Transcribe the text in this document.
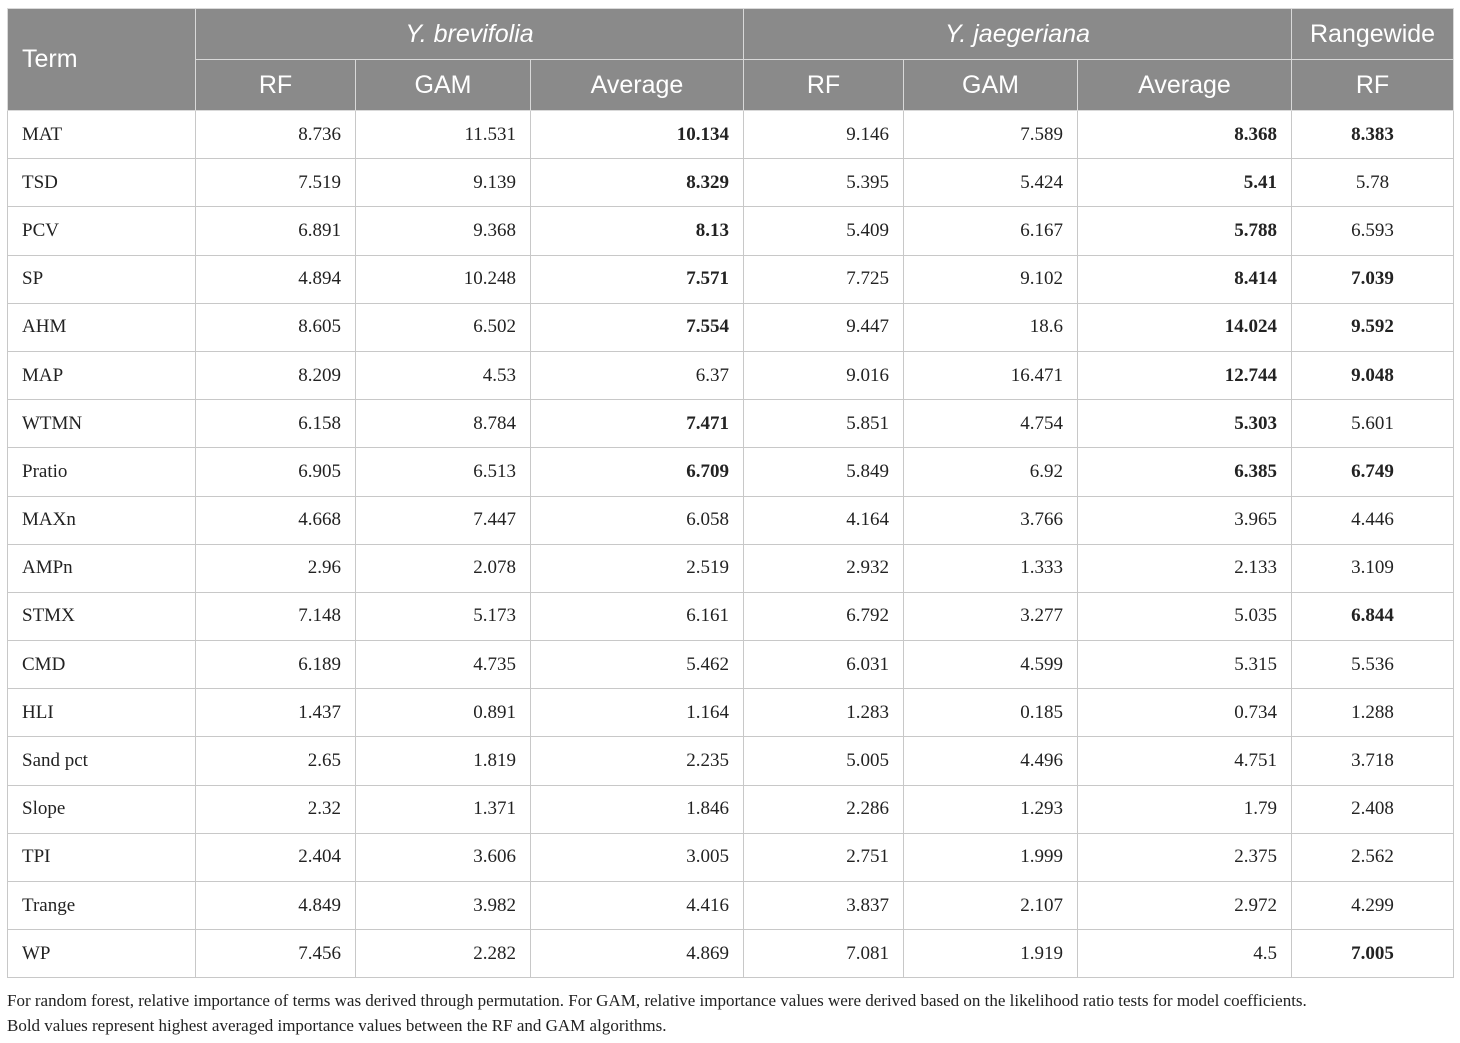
Term	Y. brevifolia			Y. jaegeriana			Rangewide
	RF	GAM	Average	RF	GAM	Average	RF
MAT	8.736	11.531	10.134	9.146	7.589	8.368	8.383
TSD	7.519	9.139	8.329	5.395	5.424	5.41	5.78
PCV	6.891	9.368	8.13	5.409	6.167	5.788	6.593
SP	4.894	10.248	7.571	7.725	9.102	8.414	7.039
AHM	8.605	6.502	7.554	9.447	18.6	14.024	9.592
MAP	8.209	4.53	6.37	9.016	16.471	12.744	9.048
WTMN	6.158	8.784	7.471	5.851	4.754	5.303	5.601
Pratio	6.905	6.513	6.709	5.849	6.92	6.385	6.749
MAXn	4.668	7.447	6.058	4.164	3.766	3.965	4.446
AMPn	2.96	2.078	2.519	2.932	1.333	2.133	3.109
STMX	7.148	5.173	6.161	6.792	3.277	5.035	6.844
CMD	6.189	4.735	5.462	6.031	4.599	5.315	5.536
HLI	1.437	0.891	1.164	1.283	0.185	0.734	1.288
Sand pct	2.65	1.819	2.235	5.005	4.496	4.751	3.718
Slope	2.32	1.371	1.846	2.286	1.293	1.79	2.408
TPI	2.404	3.606	3.005	2.751	1.999	2.375	2.562
Trange	4.849	3.982	4.416	3.837	2.107	2.972	4.299
WP	7.456	2.282	4.869	7.081	1.919	4.5	7.005

For random forest, relative importance of terms was derived through permutation. For GAM, relative importance values were derived based on the likelihood ratio tests for model coefficients.

Bold values represent highest averaged importance values between the RF and GAM algorithms.
